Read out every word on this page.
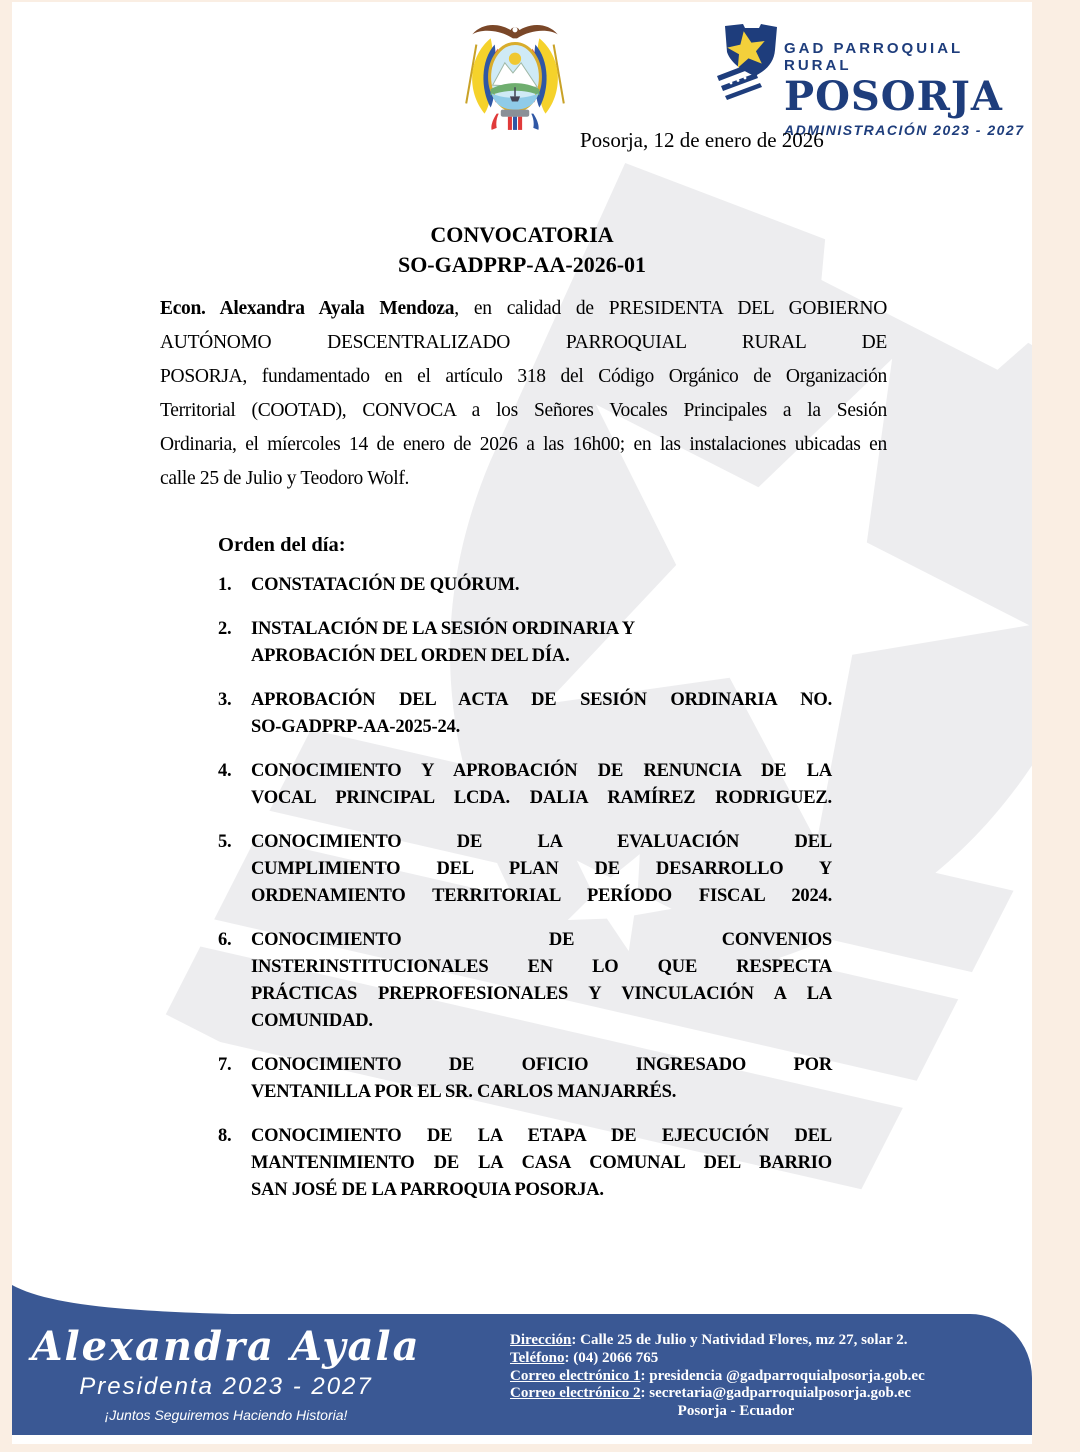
GAD PARROQUIAL RURAL
POSORJA
ADMINISTRACIÓN 2023 - 2027
Posorja, 12 de enero de 2026
CONVOCATORIA
SO-GADPRP-AA-2026-01
Econ. Alexandra Ayala Mendoza, en calidad de PRESIDENTA DEL GOBIERNO
AUTÓNOMO DESCENTRALIZADO PARROQUIAL RURAL DE
POSORJA, fundamentado en el artículo 318 del Código Orgánico de Organización
Territorial (COOTAD), CONVOCA a los Señores Vocales Principales a la Sesión
Ordinaria, el míercoles 14 de enero de 2026 a las 16h00; en las instalaciones ubicadas en
calle 25 de Julio y Teodoro Wolf.
Orden del día:
1.	CONSTATACIÓN DE QUÓRUM.
2.	INSTALACIÓN DE LA SESIÓN ORDINARIA Y
APROBACIÓN DEL ORDEN DEL DÍA.
3.	APROBACIÓN DEL ACTA DE SESIÓN ORDINARIA NO.
SO-GADPRP-AA-2025-24.
4.	CONOCIMIENTO Y APROBACIÓN DE RENUNCIA DE LA
VOCAL PRINCIPAL LCDA. DALIA RAMÍREZ RODRIGUEZ.
5.	CONOCIMIENTO DE LA EVALUACIÓN DEL
CUMPLIMIENTO DEL PLAN DE DESARROLLO Y
ORDENAMIENTO TERRITORIAL PERÍODO FISCAL 2024.
6.	CONOCIMIENTO DE CONVENIOS
INSTERINSTITUCIONALES EN LO QUE RESPECTA
PRÁCTICAS PREPROFESIONALES Y VINCULACIÓN A LA
COMUNIDAD.
7.	CONOCIMIENTO DE OFICIO INGRESADO POR
VENTANILLA POR EL SR. CARLOS MANJARRÉS.
8.	CONOCIMIENTO DE LA ETAPA DE EJECUCIÓN DEL
MANTENIMIENTO DE LA CASA COMUNAL DEL BARRIO
SAN JOSÉ DE LA PARROQUIA POSORJA.
Alexandra Ayala
Presidenta 2023 - 2027
¡Juntos Seguiremos Haciendo Historia!
Dirección: Calle 25 de Julio y Natividad Flores, mz 27, solar 2.
Teléfono: (04) 2066 765
Correo electrónico 1: presidencia @gadparroquialposorja.gob.ec
Correo electrónico 2: secretaria@gadparroquialposorja.gob.ec
Posorja - Ecuador
